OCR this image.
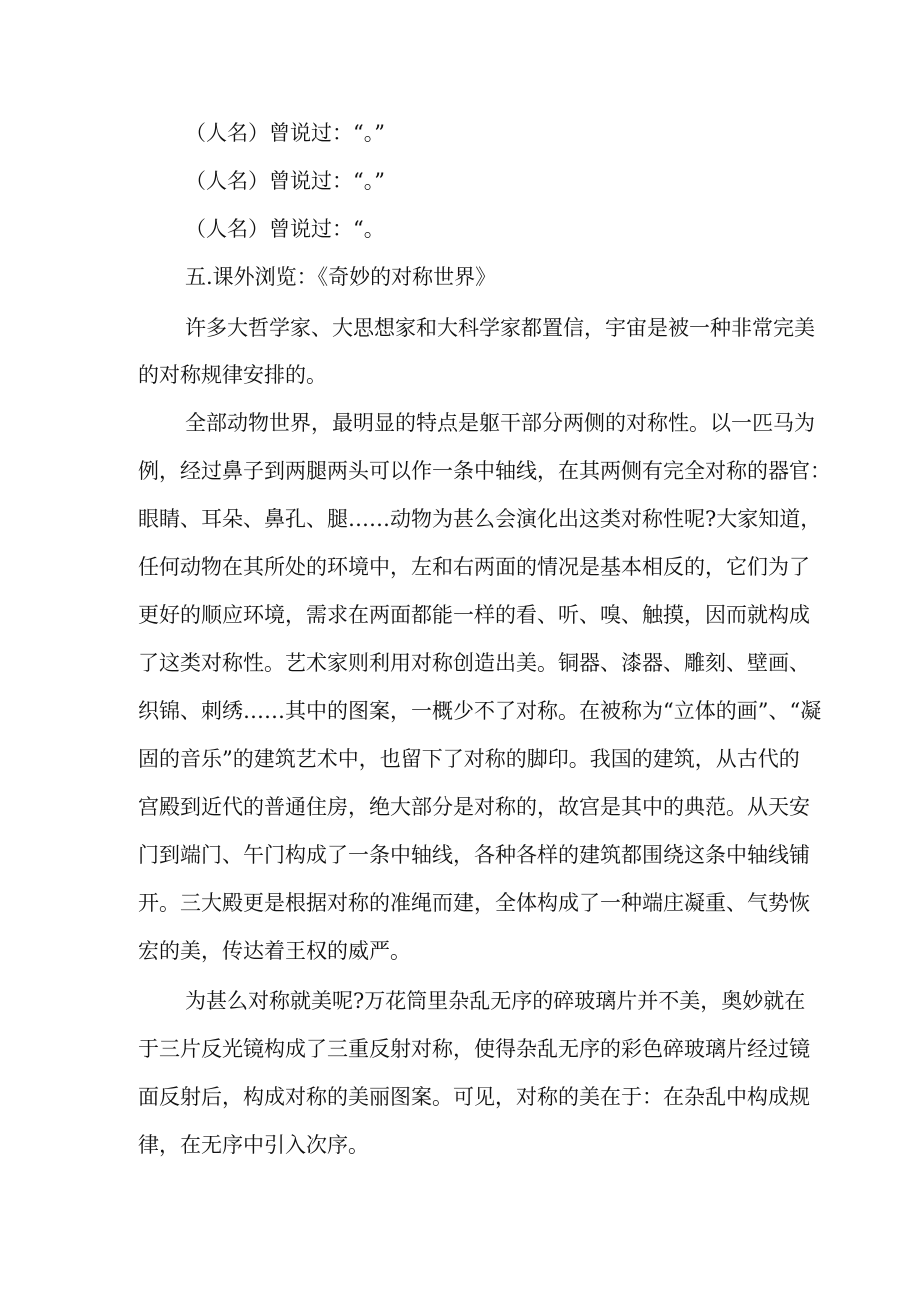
（人名）曾说过：“。”
（人名）曾说过：“。”
（人名）曾说过：“。
五.课外浏览：《奇妙的对称世界》
许多大哲学家、大思想家和大科学家都置信，宇宙是被一种非常完美
的对称规律安排的。
全部动物世界，最明显的特点是躯干部分两侧的对称性。以一匹马为
例，经过鼻子到两腿两头可以作一条中轴线，在其两侧有完全对称的器官：
眼睛、耳朵、鼻孔、腿……动物为甚么会演化出这类对称性呢?大家知道，
任何动物在其所处的环境中，左和右两面的情况是基本相反的，它们为了
更好的顺应环境，需求在两面都能一样的看、听、嗅、触摸，因而就构成
了这类对称性。艺术家则利用对称创造出美。铜器、漆器、雕刻、壁画、
织锦、刺绣……其中的图案，一概少不了对称。在被称为“立体的画”、“凝
固的音乐”的建筑艺术中，也留下了对称的脚印。我国的建筑，从古代的
宫殿到近代的普通住房，绝大部分是对称的，故宫是其中的典范。从天安
门到端门、午门构成了一条中轴线，各种各样的建筑都围绕这条中轴线铺
开。三大殿更是根据对称的准绳而建，全体构成了一种端庄凝重、气势恢
宏的美，传达着王权的威严。
为甚么对称就美呢?万花筒里杂乱无序的碎玻璃片并不美，奥妙就在
于三片反光镜构成了三重反射对称，使得杂乱无序的彩色碎玻璃片经过镜
面反射后，构成对称的美丽图案。可见，对称的美在于：在杂乱中构成规
律，在无序中引入次序。
